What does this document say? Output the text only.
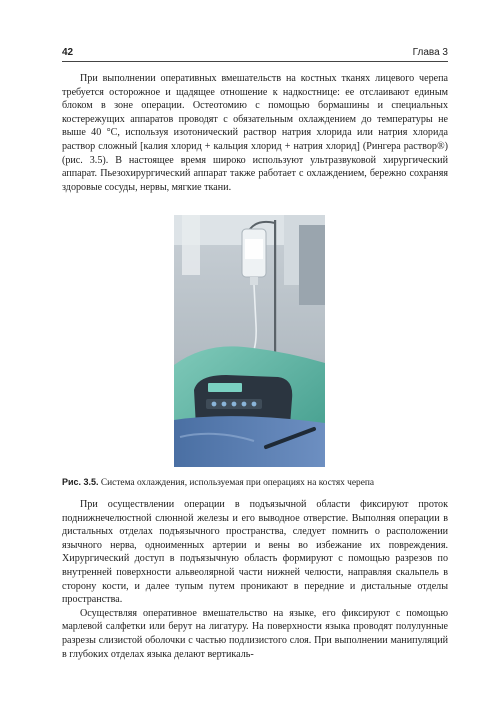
42	Глава 3

При выполнении оперативных вмешательств на костных тканях лицевого черепа требуется осторожное и щадящее отношение к надкостнице: ее отслаивают единым блоком в зоне операции. Остеотомию с помощью бормашины и специальных костережущих аппаратов проводят с обязательным охлаждением до температуры не выше 40 °С, используя изотонический раствор натрия хлорида или натрия хлорида раствор сложный [калия хлорид + кальция хлорид + натрия хлорид] (Рингера раствор®) (рис. 3.5). В настоящее время широко используют ультразвуковой хирургический аппарат. Пьезохирургический аппарат также работает с охлаждением, бережно сохраняя здоровые сосуды, нервы, мягкие ткани.

Рис. 3.5. Система охлаждения, используемая при операциях на костях черепа

При осуществлении операции в подъязычной области фиксируют проток поднижнечелюстной слюнной железы и его выводное отверстие. Выполняя операции в дистальных отделах подъязычного пространства, следует помнить о расположении язычного нерва, одноименных артерии и вены во избежание их повреждения. Хирургический доступ в подъязычную область формируют с помощью разрезов по внутренней поверхности альвеолярной части нижней челюсти, направляя скальпель в сторону кости, и далее тупым путем проникают в передние и дистальные отделы пространства.

Осуществляя оперативное вмешательство на языке, его фиксируют с помощью марлевой салфетки или берут на лигатуру. На поверхности языка проводят полулунные разрезы слизистой оболочки с частью подлизистого слоя. При выполнении манипуляций в глубоких отделах языка делают вертикаль-
